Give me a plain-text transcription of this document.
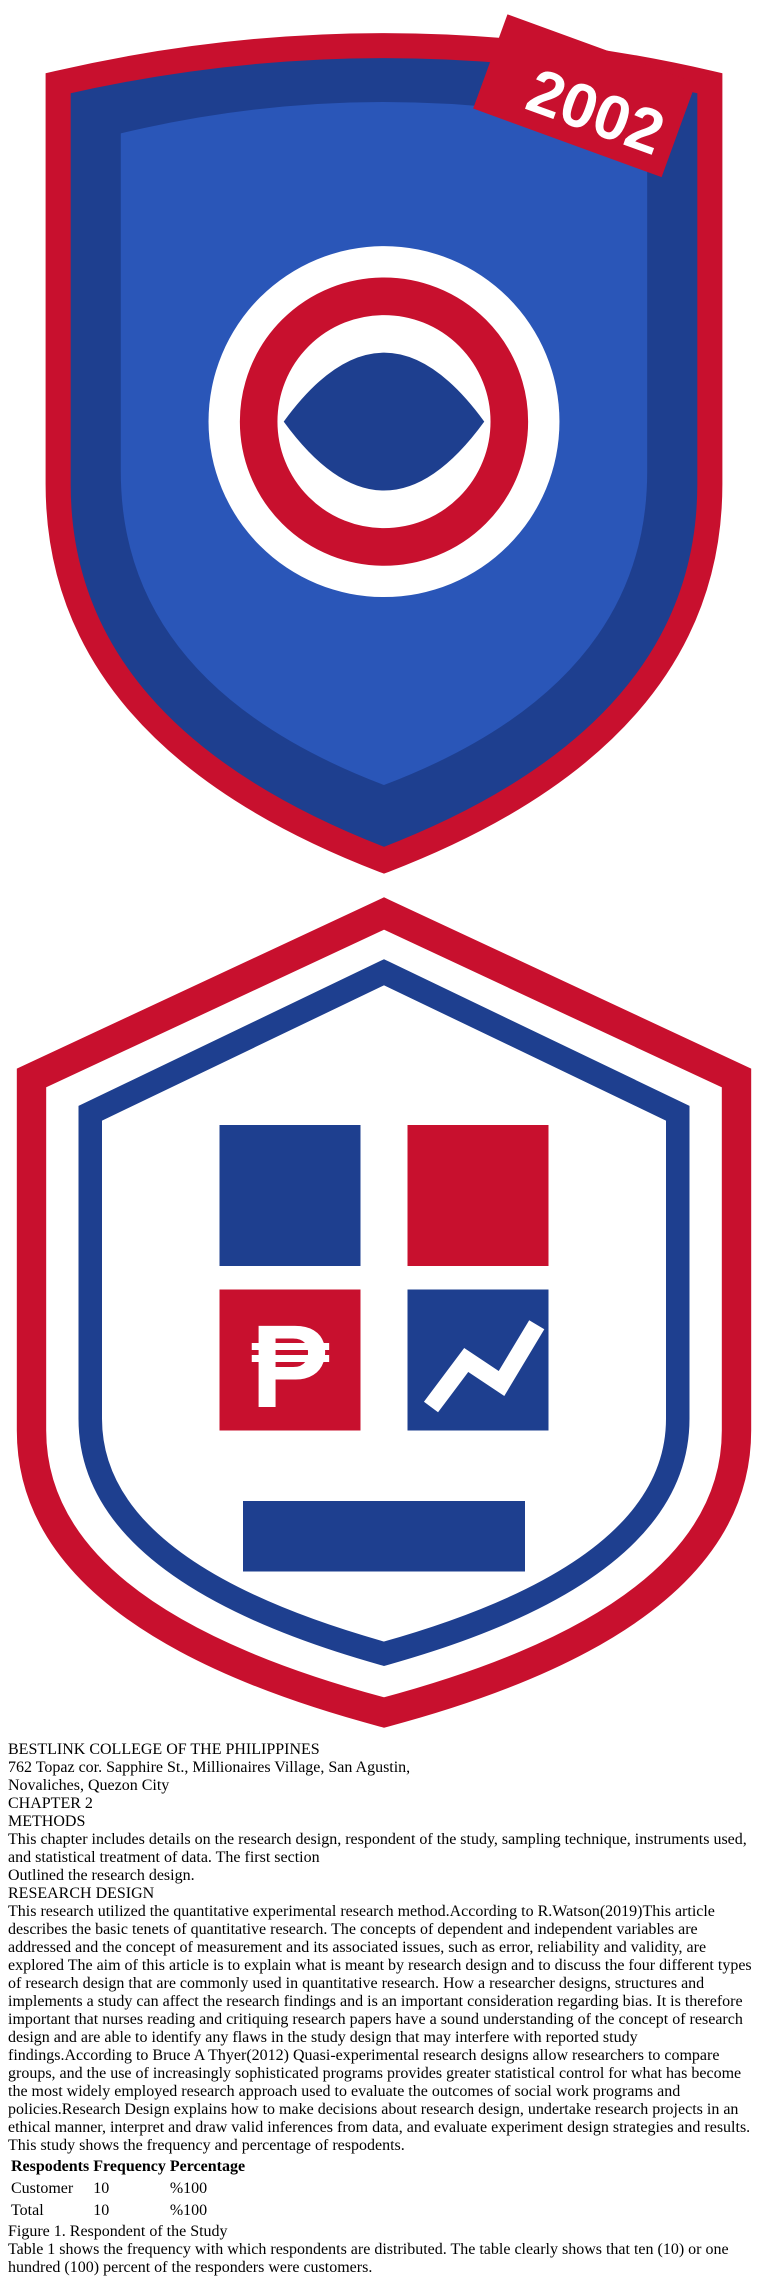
2002

₱
BESTLINK COLLEGE OF THE PHILIPPINES
762 Topaz cor. Sapphire St., Millionaires Village, San Agustin,
Novaliches, Quezon City
CHAPTER 2
METHODS
This chapter includes details on the research design, respondent of the study, sampling technique, instruments used, and statistical treatment of data. The first section
Outlined the research design.
RESEARCH DESIGN
This research utilized the quantitative experimental research method.According to R.Watson(2019)This article describes the basic tenets of quantitative research. The concepts of dependent and independent variables are addressed and the concept of measurement and its associated issues, such as error, reliability and validity, are explored The aim of this article is to explain what is meant by research design and to discuss the four different types of research design that are commonly used in quantitative research. How a researcher designs, structures and implements a study can affect the research findings and is an important consideration regarding bias. It is therefore important that nurses reading and critiquing research papers have a sound understanding of the concept of research design and are able to identify any flaws in the study design that may interfere with reported study findings.According to Bruce A Thyer(2012) Quasi-experimental research designs allow researchers to compare groups, and the use of increasingly sophisticated programs provides greater statistical control for what has become the most widely employed research approach used to evaluate the outcomes of social work programs and policies.Research Design explains how to make decisions about research design, undertake research projects in an ethical manner, interpret and draw valid inferences from data, and evaluate experiment design strategies and results.
This study shows the frequency and percentage of respodents.
Respodents	Frequency	Percentage
Customer	10	%100
Total	10	%100
Figure 1. Respondent of the Study
Table 1 shows the frequency with which respondents are distributed. The table clearly shows that ten (10) or one hundred (100) percent of the responders were customers.
